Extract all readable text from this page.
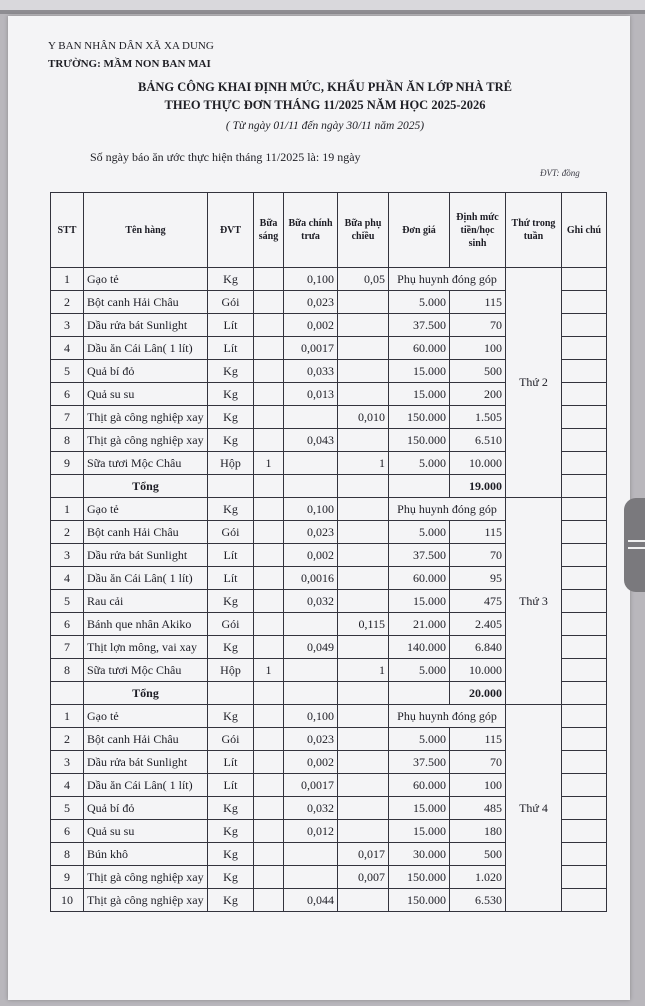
Y BAN NHÂN DÂN XÃ XA DUNG
TRƯỜNG: MẦM NON BAN MAI
BẢNG CÔNG KHAI ĐỊNH MỨC, KHẨU PHẦN ĂN LỚP NHÀ TRẺ
THEO THỰC ĐƠN THÁNG 11/2025 NĂM HỌC 2025-2026
( Từ ngày 01/11 đến ngày 30/11 năm 2025)
Số ngày báo ăn ước thực hiện tháng 11/2025 là: 19 ngày
ĐVT: đồng
STT	Tên hàng	ĐVT	Bữa sáng	Bữa chính trưa	Bữa phụ chiều	Đơn giá	Định mức tiền/học sinh	Thứ trong tuần	Ghi chú
1	Gạo tẻ	Kg		0,100	0,05	Phụ huynh đóng góp		Thứ 2	
2	Bột canh Hải Châu	Gói		0,023		5.000	115		
3	Dầu rửa bát Sunlight	Lít		0,002		37.500	70		
4	Dầu ăn Cái Lân( 1 lít)	Lít		0,0017		60.000	100		
5	Quả bí đỏ	Kg		0,033		15.000	500		
6	Quả su su	Kg		0,013		15.000	200		
7	Thịt gà công nghiệp xay	Kg			0,010	150.000	1.505		
8	Thịt gà công nghiệp xay	Kg		0,043		150.000	6.510		
9	Sữa tươi Mộc Châu	Hộp	1		1	5.000	10.000		
	Tổng						19.000		
1	Gạo tẻ	Kg		0,100		Phụ huynh đóng góp		Thứ 3	
2	Bột canh Hải Châu	Gói		0,023		5.000	115		
3	Dầu rửa bát Sunlight	Lít		0,002		37.500	70		
4	Dầu ăn Cái Lân( 1 lít)	Lít		0,0016		60.000	95		
5	Rau cải	Kg		0,032		15.000	475		
6	Bánh que nhân Akiko	Gói			0,115	21.000	2.405		
7	Thịt lợn mông, vai xay	Kg		0,049		140.000	6.840		
8	Sữa tươi Mộc Châu	Hộp	1		1	5.000	10.000		
	Tổng						20.000		
1	Gạo tẻ	Kg		0,100		Phụ huynh đóng góp		Thứ 4	
2	Bột canh Hải Châu	Gói		0,023		5.000	115		
3	Dầu rửa bát Sunlight	Lít		0,002		37.500	70		
4	Dầu ăn Cái Lân( 1 lít)	Lít		0,0017		60.000	100		
5	Quả bí đỏ	Kg		0,032		15.000	485		
6	Quả su su	Kg		0,012		15.000	180		
8	Bún khô	Kg			0,017	30.000	500		
9	Thịt gà công nghiệp xay	Kg			0,007	150.000	1.020		
10	Thịt gà công nghiệp xay	Kg		0,044		150.000	6.530		
